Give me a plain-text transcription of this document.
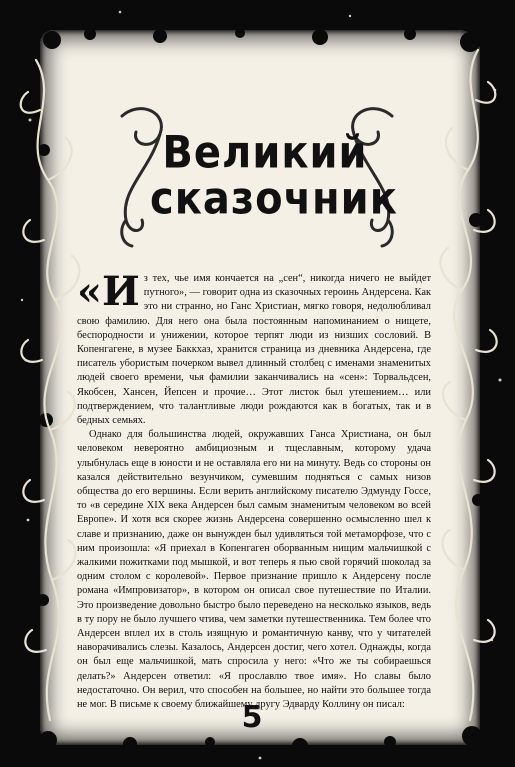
Великий
сказочник

«Из тех, чье имя кончается на „сен“, никогда ничего не выйдет путного», — говорит одна из сказочных героинь Андерсена. Как это ни странно, но Ганс Христиан, мягко говоря, недолюбливал свою фамилию. Для него она была постоянным напоминанием о нищете, беспородности и унижении, которое терпят люди из низших сословий. В Копенгагене, в музее Баккхаз, хранится страница из дневника Андерсена, где писатель убористым почерком вывел длинный столбец с именами знаменитых людей своего времени, чья фамилии заканчивались на «сен»: Торвальдсен, Якобсен, Хансен, Йепсен и прочие… Этот листок был утешением… или подтверждением, что талантливые люди рождаются как в богатых, так и в бедных семьях.

Однако для большинства людей, окружавших Ганса Христиана, он был человеком невероятно амбициозным и тщеславным, которому удача улыбнулась еще в юности и не оставляла его ни на минуту. Ведь со стороны он казался действительно везунчиком, сумевшим подняться с самых низов общества до его вершины. Если верить английскому писателю Эдмунду Госсе, то «в середине XIX века Андерсен был самым знаменитым человеком во всей Европе». И хотя вся скорее жизнь Андерсена совершенно осмысленно шел к славе и признанию, даже он вынужден был удивляться той метаморфозе, что с ним произошла: «Я приехал в Копенгаген оборванным нищим мальчишкой с жалкими пожитками под мышкой, и вот теперь я пью свой горячий шоколад за одним столом с королевой». Первое признание пришло к Андерсену после романа «Импровизатор», в котором он описал свое путешествие по Италии. Это произведение довольно быстро было переведено на несколько языков, ведь в ту пору не было лучшего чтива, чем заметки путешественника. Тем более что Андерсен вплел их в столь изящную и романтичную канву, что у читателей наворачивались слезы. Казалось, Андерсен достиг, чего хотел. Однажды, когда он был еще мальчишкой, мать спросила у него: «Что же ты собираешься делать?» Андерсен ответил: «Я прославлю твое имя». Но славы было недостаточно. Он верил, что способен на большее, но найти это большее тогда не мог. В письме к своему ближайшему другу Эдварду Коллину он писал:

5
